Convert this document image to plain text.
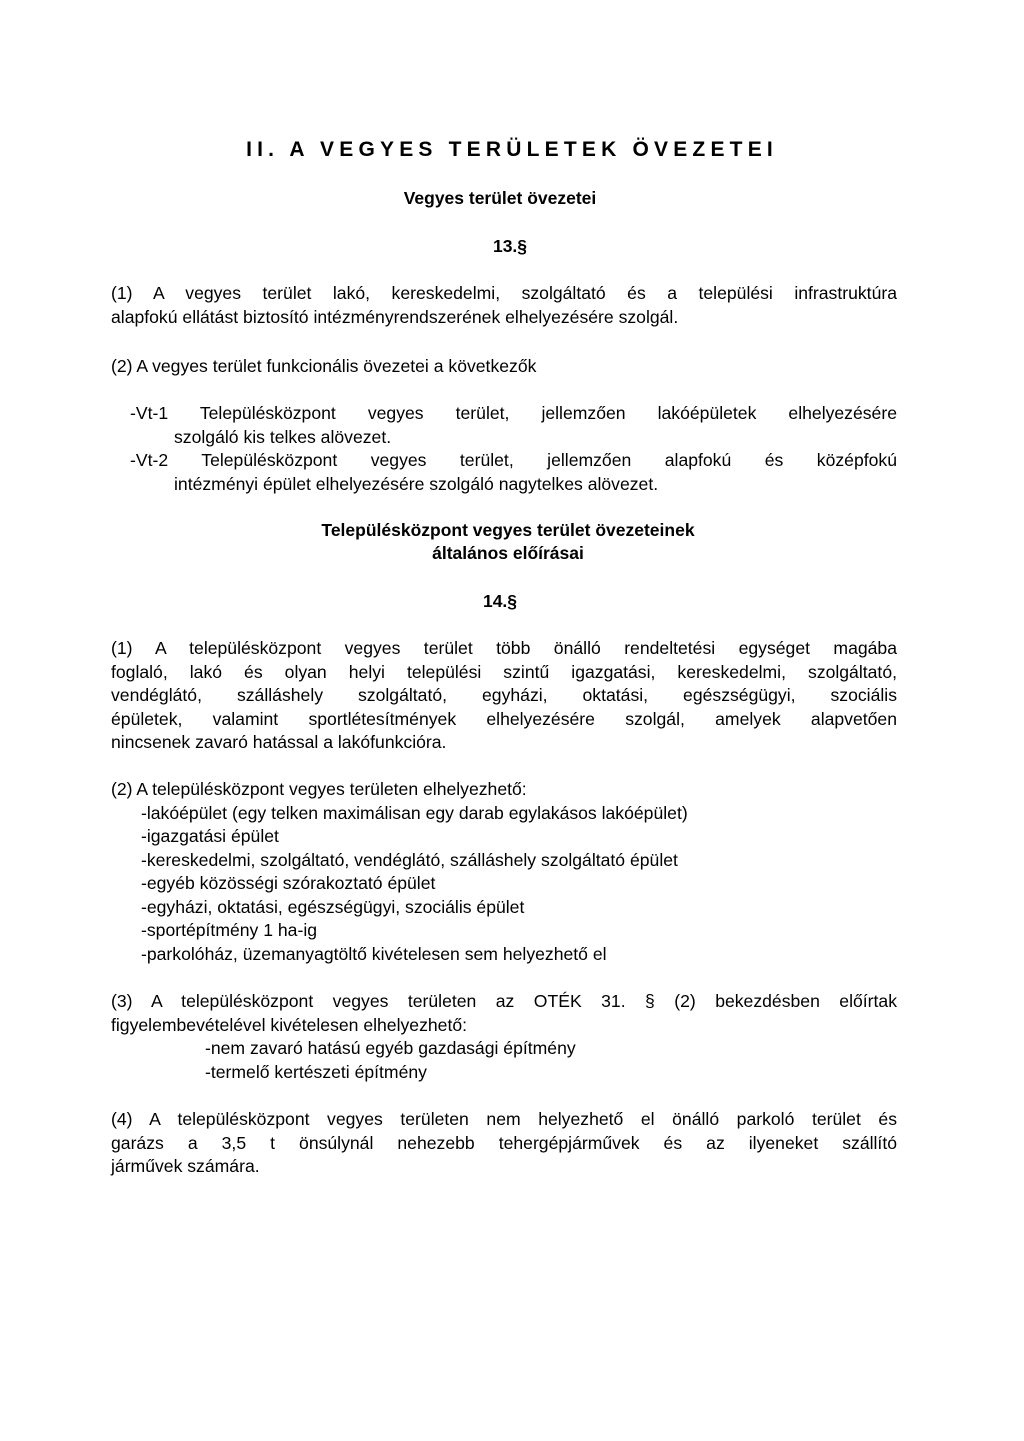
II. A VEGYES TERÜLETEK ÖVEZETEI
Vegyes terület övezetei
13.§
(1) A vegyes terület lakó, kereskedelmi, szolgáltató és a települési infrastruktúra
alapfokú ellátást biztosító intézményrendszerének elhelyezésére szolgál.
(2) A vegyes terület funkcionális övezetei a következők
-Vt-1 Településközpont vegyes terület, jellemzően lakóépületek elhelyezésére
szolgáló kis telkes alövezet.
-Vt-2 Településközpont vegyes terület, jellemzően alapfokú és középfokú
intézményi épület elhelyezésére szolgáló nagytelkes alövezet.
Településközpont vegyes terület övezeteinek
általános előírásai
14.§
(1) A településközpont vegyes terület több önálló rendeltetési egységet magába
foglaló, lakó és olyan helyi települési szintű igazgatási, kereskedelmi, szolgáltató,
vendéglátó, szálláshely szolgáltató, egyházi, oktatási, egészségügyi, szociális
épületek, valamint sportlétesítmények elhelyezésére szolgál, amelyek alapvetően
nincsenek zavaró hatással a lakófunkcióra.
(2) A településközpont vegyes területen elhelyezhető:
-lakóépület (egy telken maximálisan egy darab egylakásos lakóépület)
-igazgatási épület
-kereskedelmi, szolgáltató, vendéglátó, szálláshely szolgáltató épület
-egyéb közösségi szórakoztató épület
-egyházi, oktatási, egészségügyi, szociális épület
-sportépítmény 1 ha-ig
-parkolóház, üzemanyagtöltő kivételesen sem helyezhető el
(3) A településközpont vegyes területen az OTÉK 31. § (2) bekezdésben előírtak
figyelembevételével kivételesen elhelyezhető:
-nem zavaró hatású egyéb gazdasági építmény
-termelő kertészeti építmény
(4) A településközpont vegyes területen nem helyezhető el önálló parkoló terület és
garázs a 3,5 t önsúlynál nehezebb tehergépjárművek és az ilyeneket szállító
járművek számára.
